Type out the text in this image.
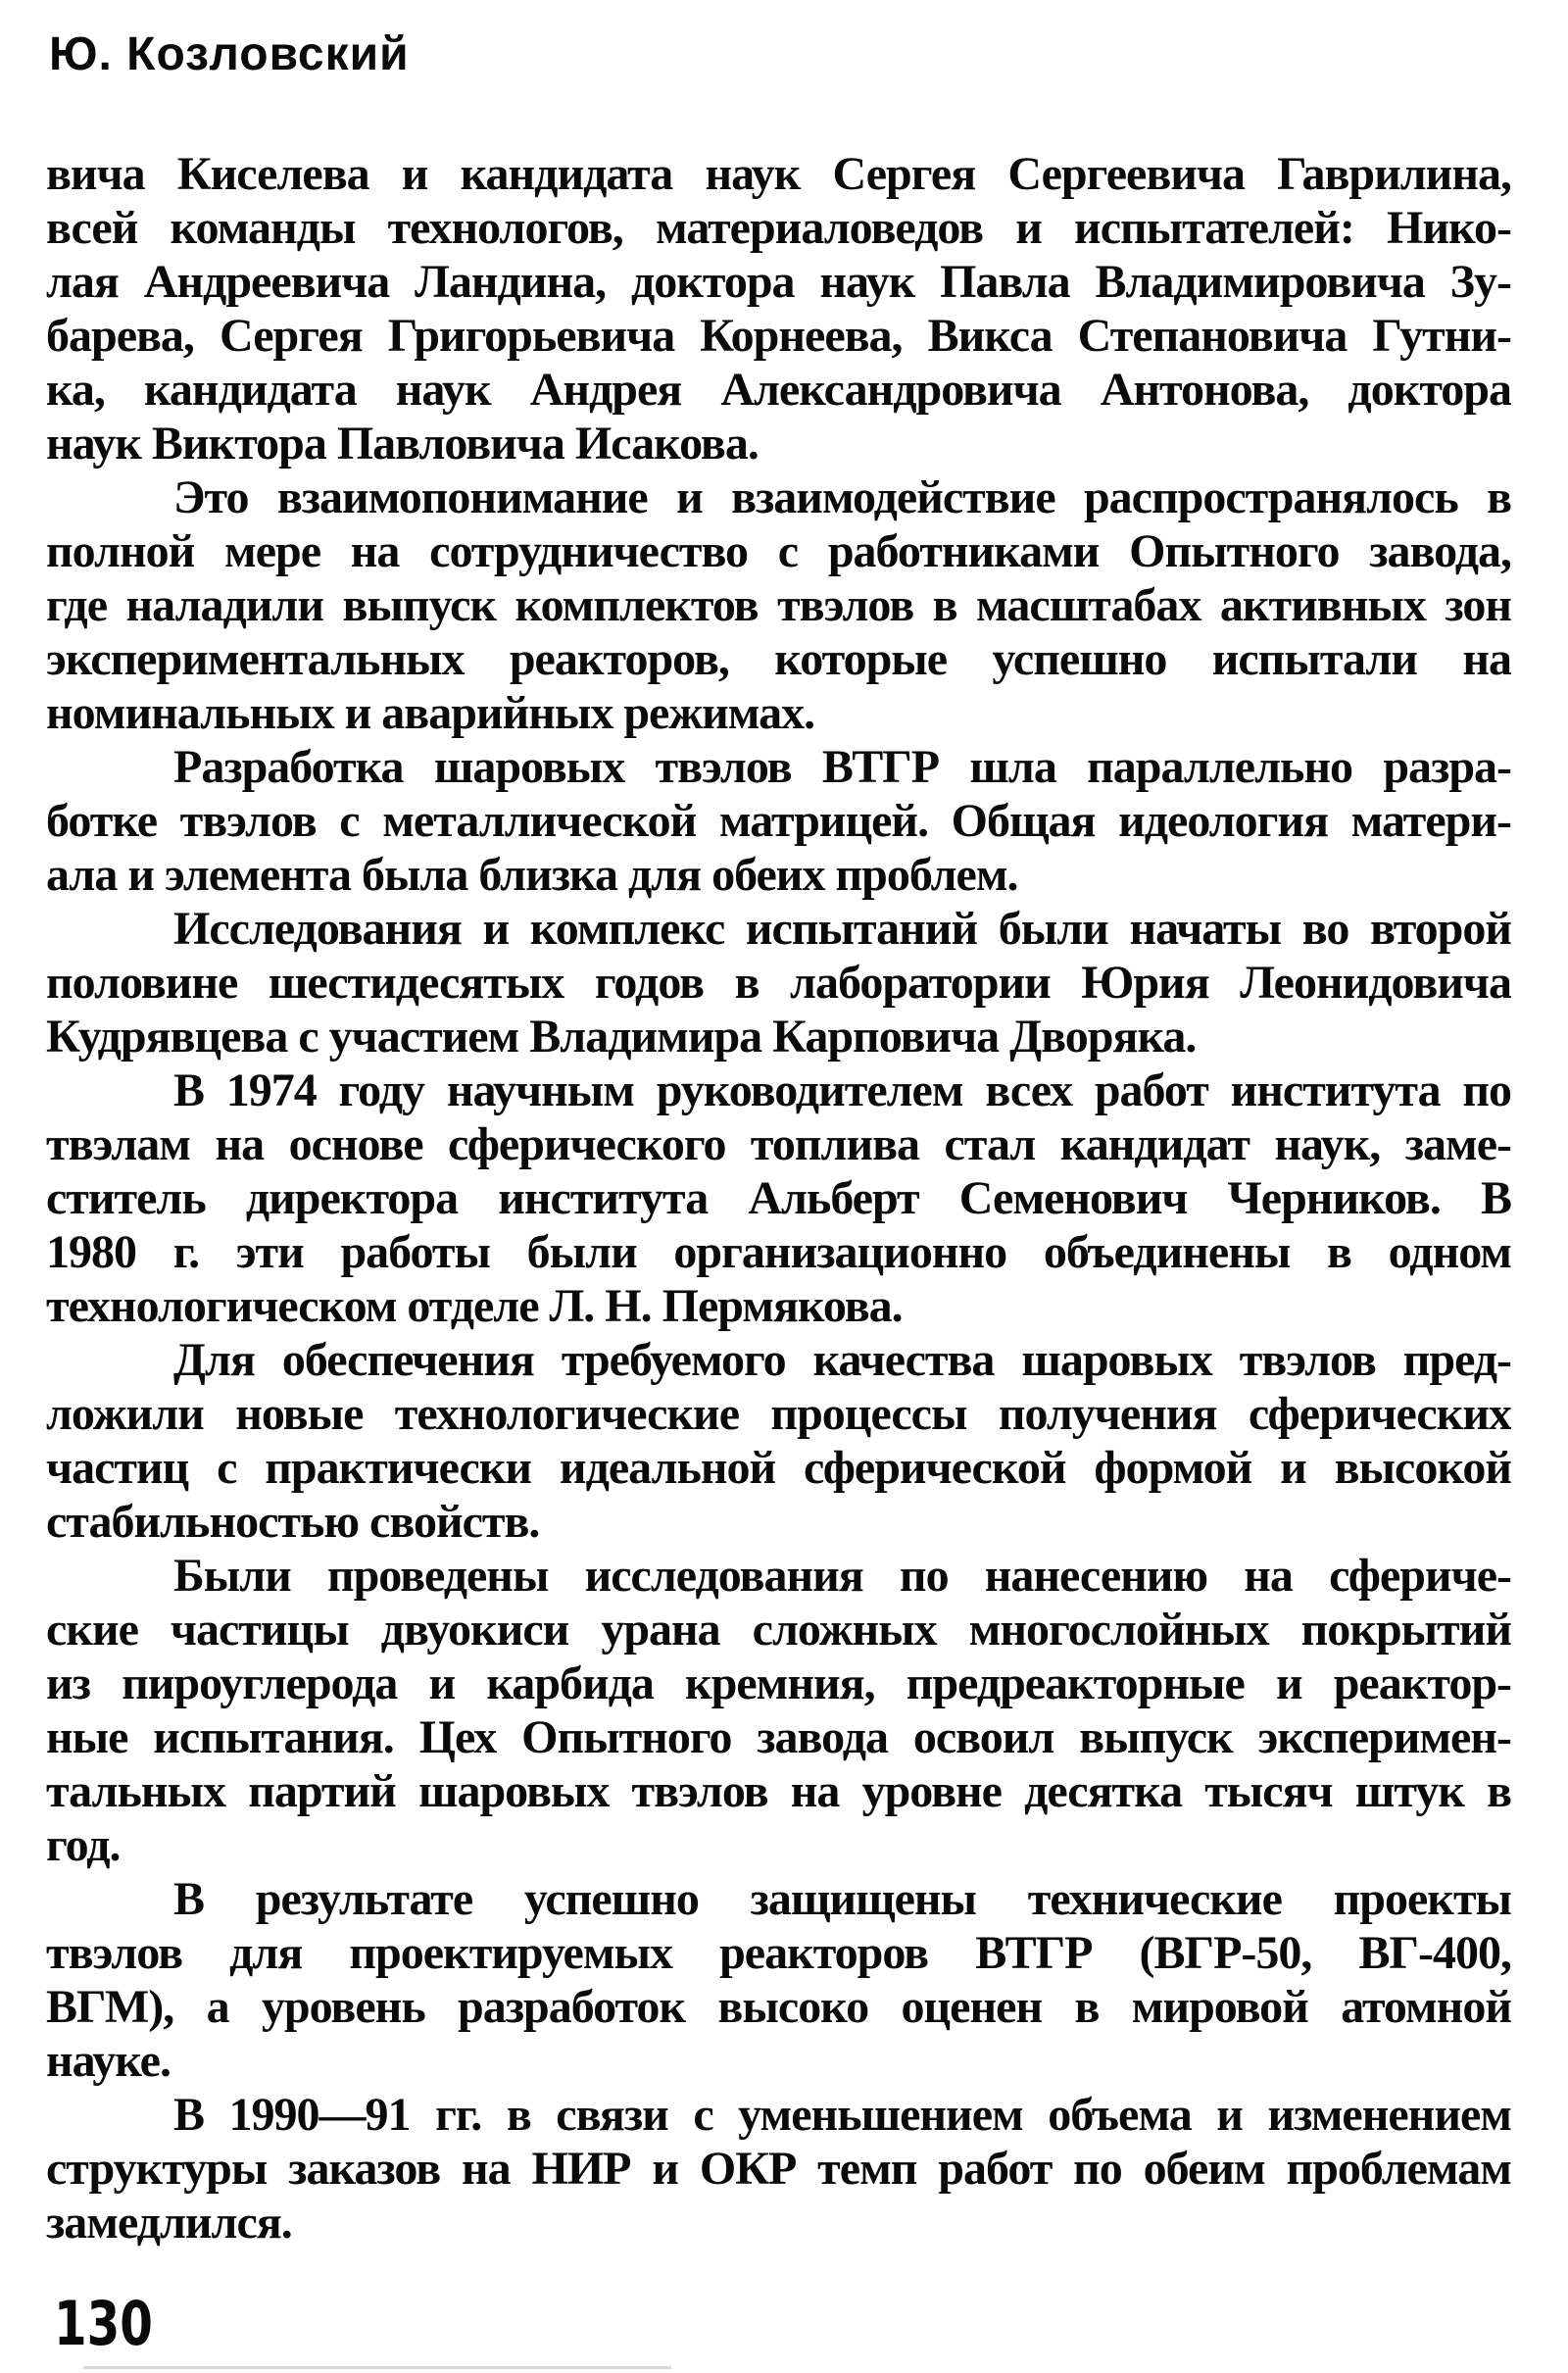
Ю. Козловский
вича Киселева и кандидата наук Сергея Сергеевича Гаврилина,
всей команды технологов, материаловедов и испытателей: Нико-
лая Андреевича Ландина, доктора наук Павла Владимировича Зу-
барева, Сергея Григорьевича Корнеева, Викса Степановича Гутни-
ка, кандидата наук Андрея Александровича Антонова, доктора
наук Виктора Павловича Исакова.
Это взаимопонимание и взаимодействие распространялось в
полной мере на сотрудничество с работниками Опытного завода,
где наладили выпуск комплектов твэлов в масштабах активных зон
экспериментальных реакторов, которые успешно испытали на
номинальных и аварийных режимах.
Разработка шаровых твэлов ВТГР шла параллельно разра-
ботке твэлов с металлической матрицей. Общая идеология матери-
ала и элемента была близка для обеих проблем.
Исследования и комплекс испытаний были начаты во второй
половине шестидесятых годов в лаборатории Юрия Леонидовича
Кудрявцева с участием Владимира Карповича Дворяка.
В 1974 году научным руководителем всех работ института по
твэлам на основе сферического топлива стал кандидат наук, заме-
ститель директора института Альберт Семенович Черников. В
1980 г. эти работы были организационно объединены в одном
технологическом отделе Л. Н. Пермякова.
Для обеспечения требуемого качества шаровых твэлов пред-
ложили новые технологические процессы получения сферических
частиц с практически идеальной сферической формой и высокой
стабильностью свойств.
Были проведены исследования по нанесению на сфериче-
ские частицы двуокиси урана сложных многослойных покрытий
из пироуглерода и карбида кремния, предреакторные и реактор-
ные испытания. Цех Опытного завода освоил выпуск эксперимен-
тальных партий шаровых твэлов на уровне десятка тысяч штук в
год.
В результате успешно защищены технические проекты
твэлов для проектируемых реакторов ВТГР (ВГР-50, ВГ-400,
ВГМ), а уровень разработок высоко оценен в мировой атомной
науке.
В 1990—91 гг. в связи с уменьшением объема и изменением
структуры заказов на НИР и ОКР темп работ по обеим проблемам
замедлился.
130
